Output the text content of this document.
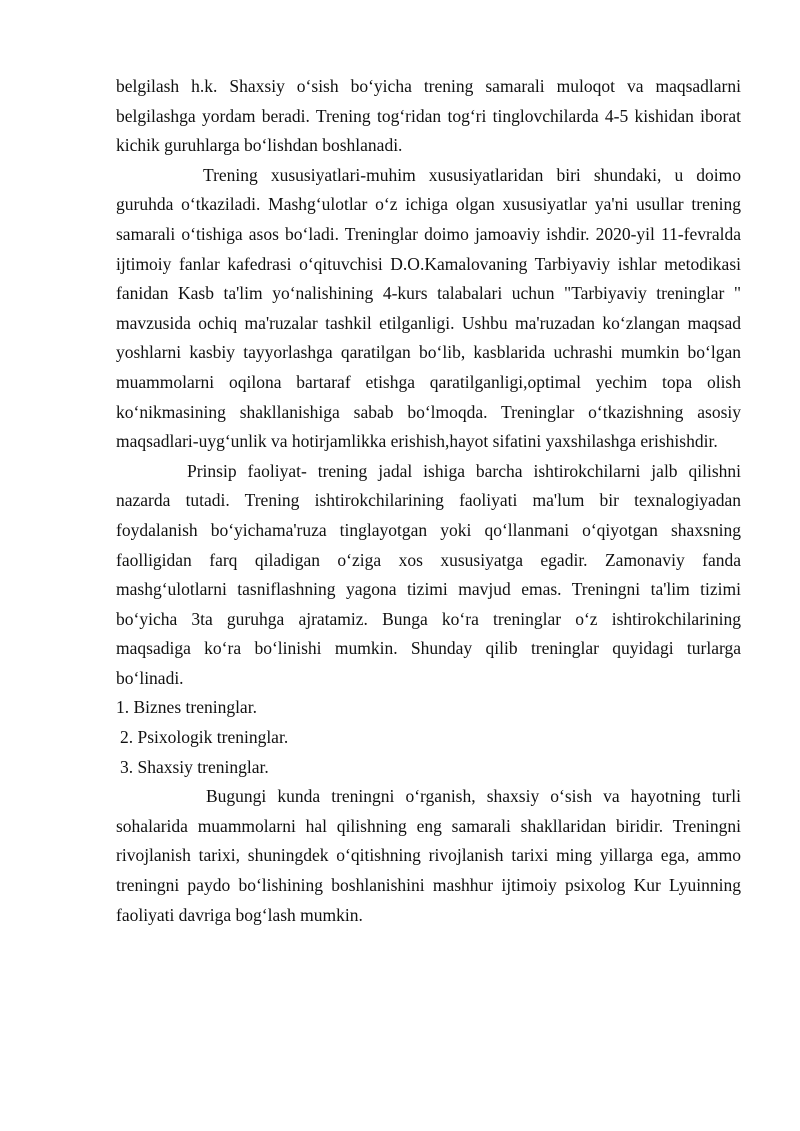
belgilash h.k. Shaxsiy o‘sish bo‘yicha trening samarali muloqot va maqsadlarni belgilashga yordam beradi. Trening tog‘ridan tog‘ri tinglovchilarda 4-5 kishidan iborat kichik guruhlarga bo‘lishdan boshlanadi.

Trening xususiyatlari-muhim xususiyatlaridan biri shundaki, u doimo guruhda o‘tkaziladi. Mashg‘ulotlar o‘z ichiga olgan xususiyatlar ya'ni usullar trening samarali o‘tishiga asos bo‘ladi. Treninglar doimo jamoaviy ishdir. 2020-yil 11-fevralda ijtimoiy fanlar kafedrasi o‘qituvchisi D.O.Kamalovaning Tarbiyaviy ishlar metodikasi fanidan Kasb ta'lim yo‘nalishining 4-kurs talabalari uchun "Tarbiyaviy treninglar " mavzusida ochiq ma'ruzalar tashkil etilganligi. Ushbu ma'ruzadan ko‘zlangan maqsad yoshlarni kasbiy tayyorlashga qaratilgan bo‘lib, kasblarida uchrashi mumkin bo‘lgan muammolarni oqilona bartaraf etishga qaratilganligi,optimal yechim topa olish ko‘nikmasining shakllanishiga sabab bo‘lmoqda. Treninglar o‘tkazishning asosiy maqsadlari-uyg‘unlik va hotirjamlikka erishish,hayot sifatini yaxshilashga erishishdir.

Prinsip faoliyat- trening jadal ishiga barcha ishtirokchilarni jalb qilishni nazarda tutadi. Trening ishtirokchilarining faoliyati ma'lum bir texnalogiyadan foydalanish bo‘yichama'ruza tinglayotgan yoki qo‘llanmani o‘qiyotgan shaxsning faolligidan farq qiladigan o‘ziga xos xususiyatga egadir. Zamonaviy fanda mashg‘ulotlarni tasniflashning yagona tizimi mavjud emas. Treningni ta'lim tizimi bo‘yicha 3ta guruhga ajratamiz. Bunga ko‘ra treninglar o‘z ishtirokchilarining maqsadiga ko‘ra bo‘linishi mumkin. Shunday qilib treninglar quyidagi turlarga bo‘linadi.

1. Biznes treninglar.
2. Psixologik treninglar.
3. Shaxsiy treninglar.

Bugungi kunda treningni o‘rganish, shaxsiy o‘sish va hayotning turli sohalarida muammolarni hal qilishning eng samarali shakllaridan biridir. Treningni rivojlanish tarixi, shuningdek o‘qitishning rivojlanish tarixi ming yillarga ega, ammo treningni paydo bo‘lishining boshlanishini mashhur ijtimoiy psixolog Kur Lyuinning faoliyati davriga bog‘lash mumkin.
